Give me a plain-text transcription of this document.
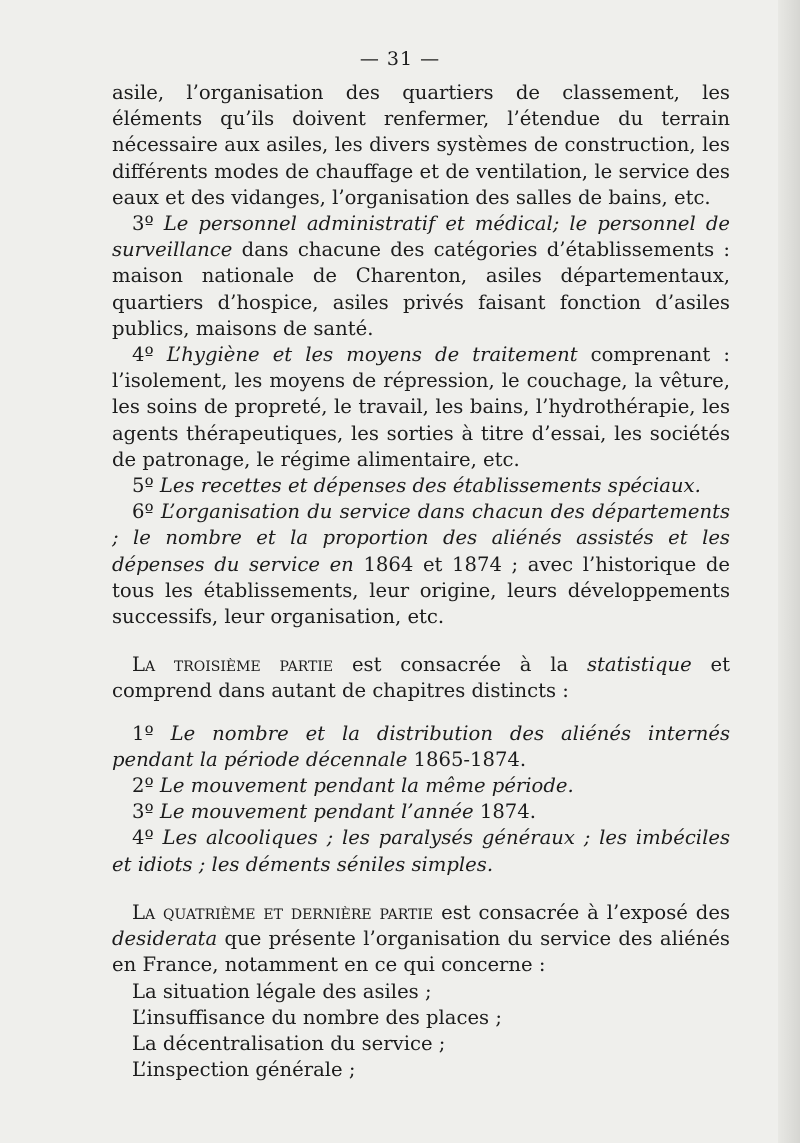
— 31 —

asile, l’organisation des quartiers de classement, les éléments qu’ils doivent renfermer, l’étendue du terrain nécessaire aux asiles, les divers systèmes de construction, les différents modes de chauffage et de ventilation, le service des eaux et des vidanges, l’organisation des salles de bains, etc.

3º Le personnel administratif et médical; le personnel de surveillance dans chacune des catégories d’établissements : maison nationale de Charenton, asiles départementaux, quartiers d’hospice, asiles privés faisant fonction d’asiles publics, maisons de santé.

4º L’hygiène et les moyens de traitement comprenant : l’isolement, les moyens de répression, le couchage, la vêture, les soins de propreté, le travail, les bains, l’hydrothérapie, les agents thérapeutiques, les sorties à titre d’essai, les sociétés de patronage, le régime alimentaire, etc.

5º Les recettes et dépenses des établissements spéciaux.

6º L’organisation du service dans chacun des départements ; le nombre et la proportion des aliénés assistés et les dépenses du service en 1864 et 1874 ; avec l’historique de tous les établissements, leur origine, leurs développements successifs, leur organisation, etc.

La troisième partie est consacrée à la statistique et comprend dans autant de chapitres distincts :

1º Le nombre et la distribution des aliénés internés pendant la période décennale 1865-1874.

2º Le mouvement pendant la même période.

3º Le mouvement pendant l’année 1874.

4º Les alcooliques ; les paralysés généraux ; les imbéciles et idiots ; les déments séniles simples.

La quatrième et dernière partie est consacrée à l’exposé des desiderata que présente l’organisation du service des aliénés en France, notamment en ce qui concerne :

La situation légale des asiles ;

L’insuffisance du nombre des places ;

La décentralisation du service ;

L’inspection générale ;
